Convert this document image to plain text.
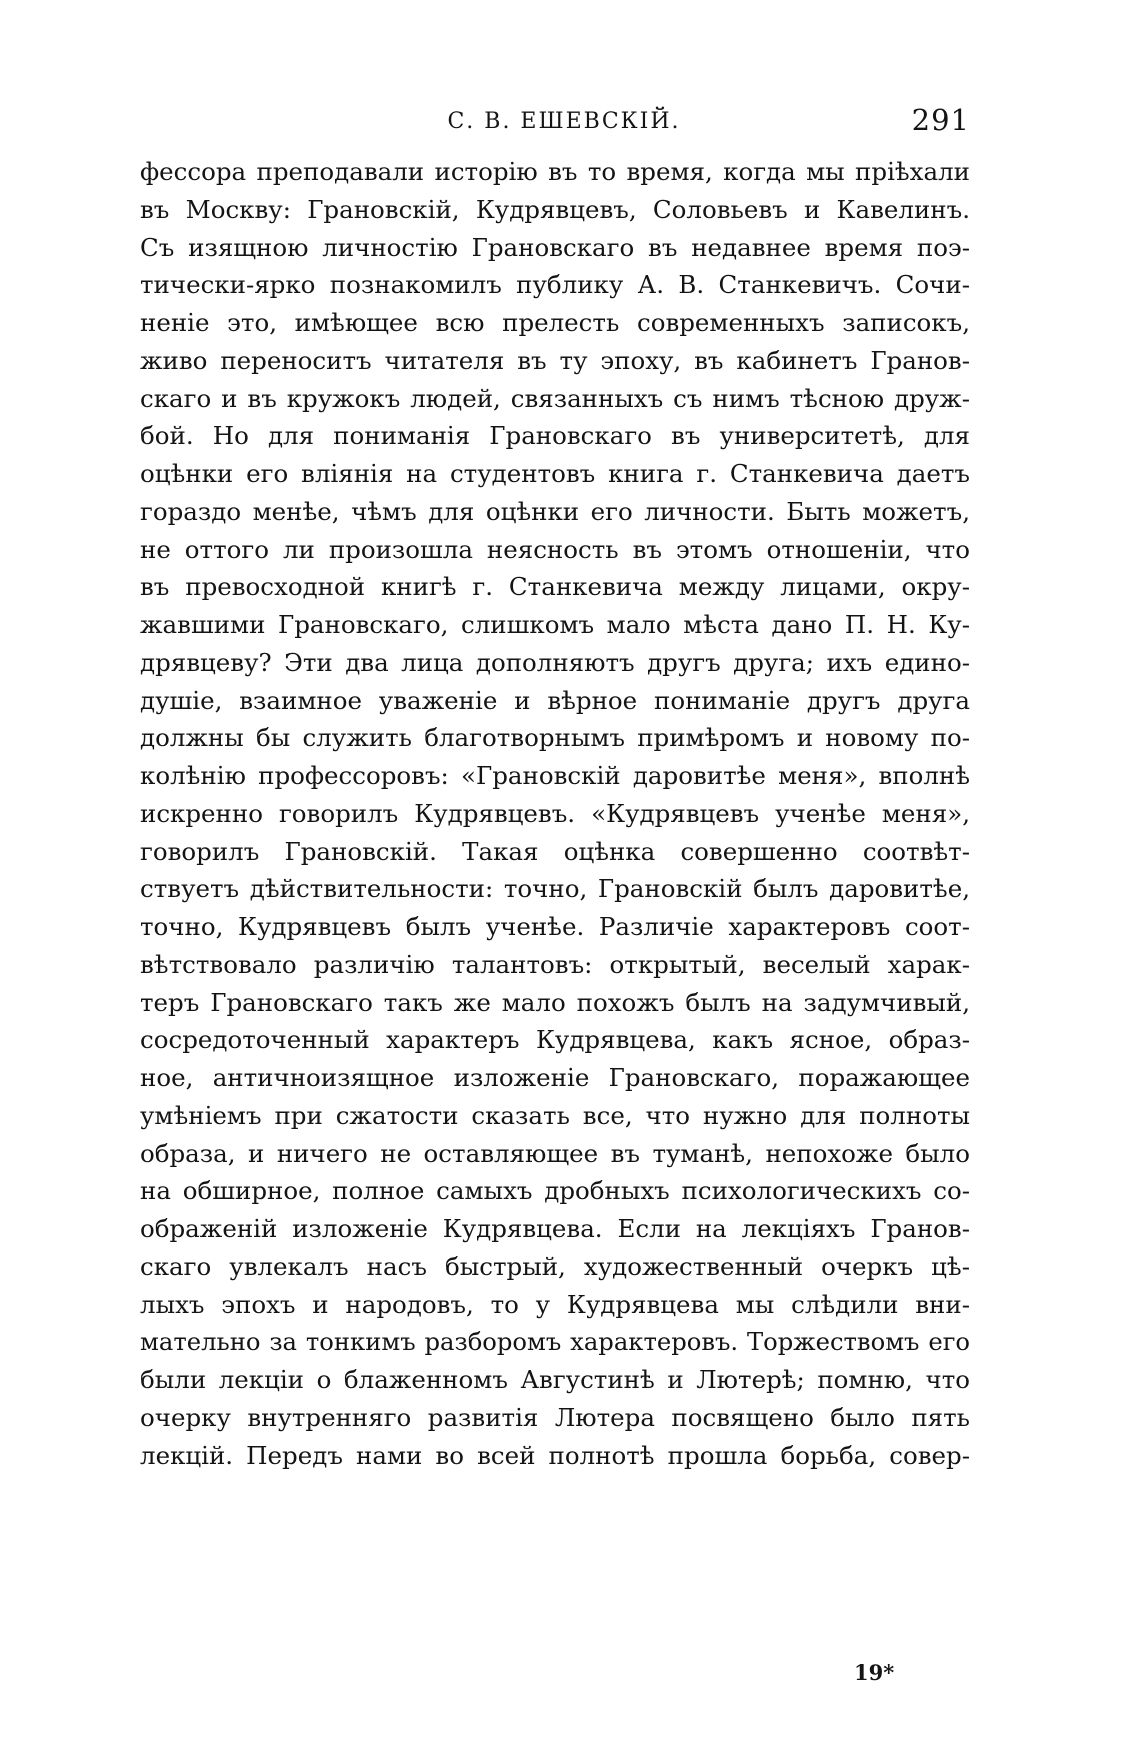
С. В. ЕШЕВСКІЙ.	291
фессора преподавали исторію въ то время, когда мы пріѣхали
въ Москву: Грановскій, Кудрявцевъ, Соловьевъ и Кавелинъ.
Съ изящною личностію Грановскаго въ недавнее время поэ-
тически-ярко познакомилъ публику А. В. Станкевичъ. Сочи-
неніе это, имѣющее всю прелесть современныхъ записокъ,
живо переноситъ читателя въ ту эпоху, въ кабинетъ Гранов-
скаго и въ кружокъ людей, связанныхъ съ нимъ тѣсною друж-
бой. Но для пониманія Грановскаго въ университетѣ, для
оцѣнки его вліянія на студентовъ книга г. Станкевича даетъ
гораздо менѣе, чѣмъ для оцѣнки его личности. Быть можетъ,
не оттого ли произошла неясность въ этомъ отношеніи, что
въ превосходной книгѣ г. Станкевича между лицами, окру-
жавшими Грановскаго, слишкомъ мало мѣста дано П. Н. Ку-
дрявцеву? Эти два лица дополняютъ другъ друга; ихъ едино-
душіе, взаимное уваженіе и вѣрное пониманіе другъ друга
должны бы служить благотворнымъ примѣромъ и новому по-
колѣнію профессоровъ: «Грановскій даровитѣе меня», вполнѣ
искренно говорилъ Кудрявцевъ. «Кудрявцевъ ученѣе меня»,
говорилъ Грановскій. Такая оцѣнка совершенно соотвѣт-
ствуетъ дѣйствительности: точно, Грановскій былъ даровитѣе,
точно, Кудрявцевъ былъ ученѣе. Различіе характеровъ соот-
вѣтствовало различію талантовъ: открытый, веселый харак-
теръ Грановскаго такъ же мало похожъ былъ на задумчивый,
сосредоточенный характеръ Кудрявцева, какъ ясное, образ-
ное, античноизящное изложеніе Грановскаго, поражающее
умѣніемъ при сжатости сказать все, что нужно для полноты
образа, и ничего не оставляющее въ туманѣ, непохоже было
на обширное, полное самыхъ дробныхъ психологическихъ со-
ображеній изложеніе Кудрявцева. Если на лекціяхъ Гранов-
скаго увлекалъ насъ быстрый, художественный очеркъ цѣ-
лыхъ эпохъ и народовъ, то у Кудрявцева мы слѣдили вни-
мательно за тонкимъ разборомъ характеровъ. Торжествомъ его
были лекціи о блаженномъ Августинѣ и Лютерѣ; помню, что
очерку внутренняго развитія Лютера посвящено было пять
лекцій. Передъ нами во всей полнотѣ прошла борьба, совер-
19*
